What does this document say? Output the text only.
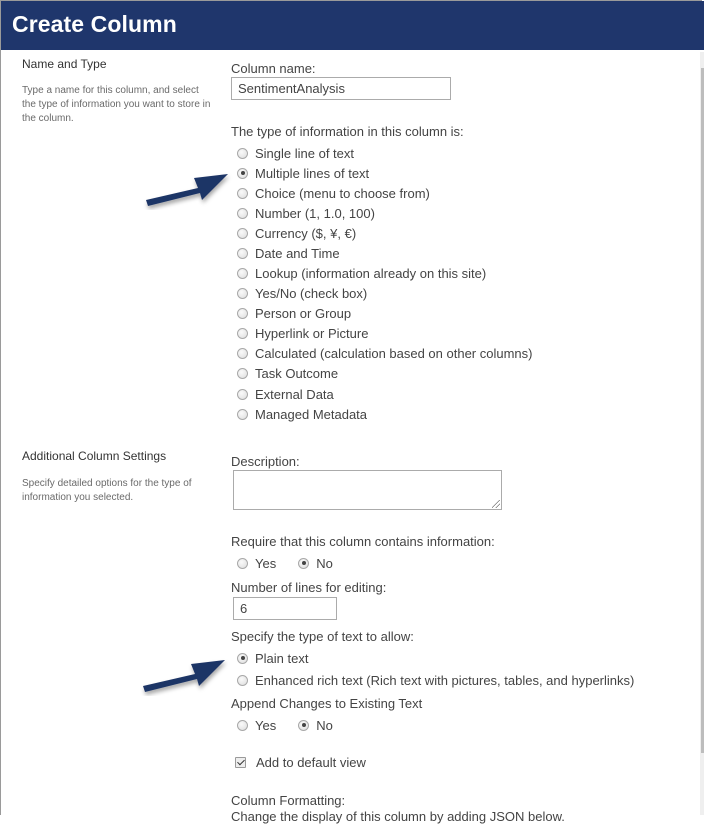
Create Column
Name and Type
Type a name for this column, and select the type of information you want to store in the column.
Column name:
SentimentAnalysis
The type of information in this column is:
Single line of text
Multiple lines of text
Choice (menu to choose from)
Number (1, 1.0, 100)
Currency ($, ¥, €)
Date and Time
Lookup (information already on this site)
Yes/No (check box)
Person or Group
Hyperlink or Picture
Calculated (calculation based on other columns)
Task Outcome
External Data
Managed Metadata
Additional Column Settings
Specify detailed options for the type of information you selected.
Description:
Require that this column contains information:
Yes	No
Number of lines for editing:
6
Specify the type of text to allow:
Plain text
Enhanced rich text (Rich text with pictures, tables, and hyperlinks)
Append Changes to Existing Text
Yes	No
Add to default view
Column Formatting:
Change the display of this column by adding JSON below.
